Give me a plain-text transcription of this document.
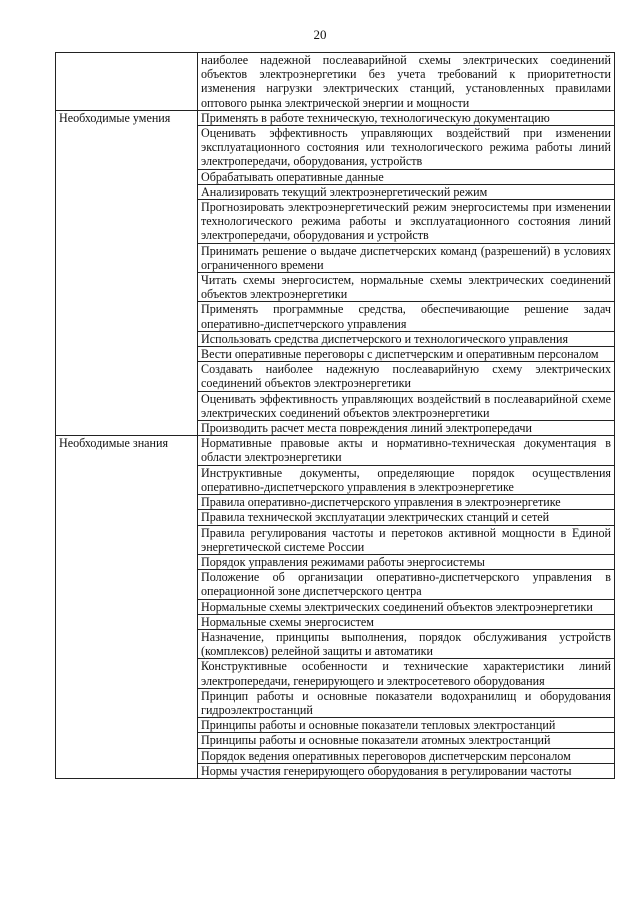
20
	наиболее надежной послеаварийной схемы электрических соединений объектов электроэнергетики без учета требований к приоритетности изменения нагрузки электрических станций, установленных правилами оптового рынка электрической энергии и мощности
Необходимые умения	Применять в работе техническую, технологическую документацию
	Оценивать эффективность управляющих воздействий при изменении эксплуатационного состояния или технологического режима работы линий электропередачи, оборудования, устройств
	Обрабатывать оперативные данные
	Анализировать текущий электроэнергетический режим
	Прогнозировать электроэнергетический режим энергосистемы при изменении технологического режима работы и эксплуатационного состояния линий электропередачи, оборудования и устройств
	Принимать решение о выдаче диспетчерских команд (разрешений) в условиях ограниченного времени
	Читать схемы энергосистем, нормальные схемы электрических соединений объектов электроэнергетики
	Применять программные средства, обеспечивающие решение задач оперативно-диспетчерского управления
	Использовать средства диспетчерского и технологического управления
	Вести оперативные переговоры с диспетчерским и оперативным персоналом
	Создавать наиболее надежную послеаварийную схему электрических соединений объектов электроэнергетики
	Оценивать эффективность управляющих воздействий в послеаварийной схеме электрических соединений объектов электроэнергетики
	Производить расчет места повреждения линий электропередачи
Необходимые знания	Нормативные правовые акты и нормативно-техническая документация в области электроэнергетики
	Инструктивные документы, определяющие порядок осуществления оперативно-диспетчерского управления в электроэнергетике
	Правила оперативно-диспетчерского управления в электроэнергетике
	Правила технической эксплуатации электрических станций и сетей
	Правила регулирования частоты и перетоков активной мощности в Единой энергетической системе России
	Порядок управления режимами работы энергосистемы
	Положение об организации оперативно-диспетчерского управления в операционной зоне диспетчерского центра
	Нормальные схемы электрических соединений объектов электроэнергетики
	Нормальные схемы энергосистем
	Назначение, принципы выполнения, порядок обслуживания устройств (комплексов) релейной защиты и автоматики
	Конструктивные особенности и технические характеристики линий электропередачи, генерирующего и электросетевого оборудования
	Принцип работы и основные показатели водохранилищ и оборудования гидроэлектростанций
	Принципы работы и основные показатели тепловых электростанций
	Принципы работы и основные показатели атомных электростанций
	Порядок ведения оперативных переговоров диспетчерским персоналом
	Нормы участия генерирующего оборудования в регулировании частоты
